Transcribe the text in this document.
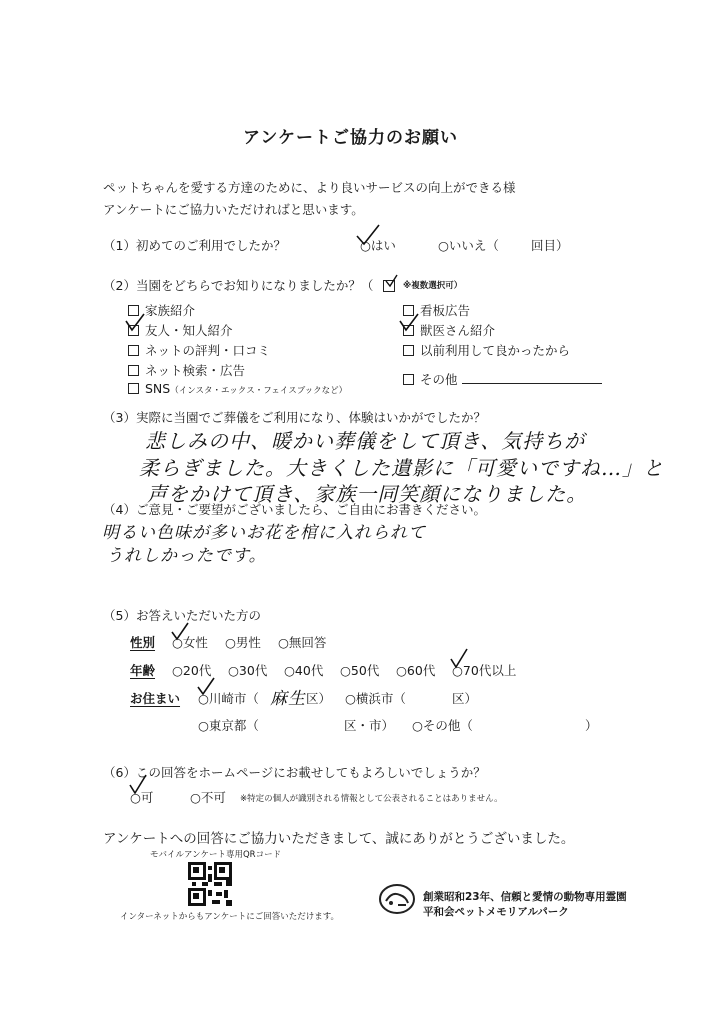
アンケートご協力のお願い
ペットちゃんを愛する方達のために、より良いサービスの向上ができる様
アンケートにご協力いただければと思います。
（1）初めてのご利用でしたか？	○はい	○いいえ（	回目）
（2）当園をどちらでお知りになりましたか？（	※複数選択可）
家族紹介
友人・知人紹介
ネットの評判・口コミ
ネット検索・広告
SNS（インスタ・エックス・フェイスブックなど）
看板広告
獣医さん紹介
以前利用して良かったから
その他
（3）実際に当園でご葬儀をご利用になり、体験はいかがでしたか？
悲しみの中、暖かい葬儀をして頂き、気持ちが
柔らぎました。大きくした遺影に「可愛いですね…」と
声をかけて頂き、家族一同笑顔になりました。
（4）ご意見・ご要望がございましたら、ご自由にお書きください。
明るい色味が多いお花を棺に入れられて
うれしかったです。
（5）お答えいただいた方の
性別 ○女性 ○男性 ○無回答
年齢 ○20代 ○30代 ○40代 ○50代 ○60代 ○70代以上
お住まい ○川崎市（ 麻生 区） ○横浜市（	区）
○東京都（	区・市） ○その他（	）
（6）この回答をホームページにお載せしてもよろしいでしょうか？
○可	○不可 ※特定の個人が識別される情報として公表されることはありません。
アンケートへの回答にご協力いただきまして、誠にありがとうございました。
モバイルアンケート専用QRコード
インターネットからもアンケートにご回答いただけます。
創業昭和23年、信頼と愛情の動物専用霊園
平和会ペットメモリアルパーク
